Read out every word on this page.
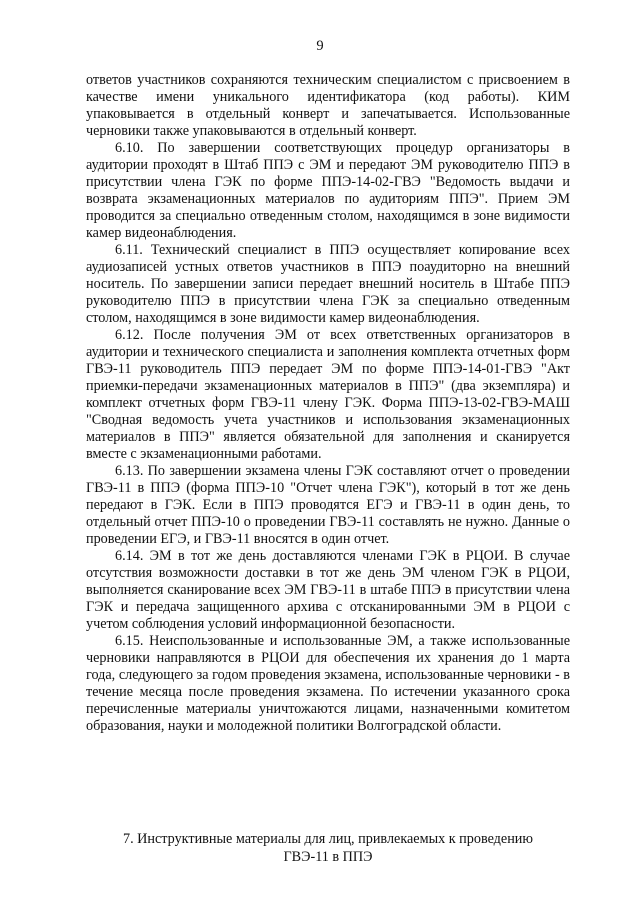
9

ответов участников сохраняются техническим специалистом с присвоением в качестве имени уникального идентификатора (код работы). КИМ упаковывается в отдельный конверт и запечатывается. Использованные черновики также упаковываются в отдельный конверт.

6.10. По завершении соответствующих процедур организаторы в аудитории проходят в Штаб ППЭ с ЭМ и передают ЭМ руководителю ППЭ в присутствии члена ГЭК по форме ППЭ-14-02-ГВЭ "Ведомость выдачи и возврата экзаменационных материалов по аудиториям ППЭ". Прием ЭМ проводится за специально отведенным столом, находящимся в зоне видимости камер видеонаблюдения.

6.11. Технический специалист в ППЭ осуществляет копирование всех аудиозаписей устных ответов участников в ППЭ поаудиторно на внешний носитель. По завершении записи передает внешний носитель в Штабе ППЭ руководителю ППЭ в присутствии члена ГЭК за специально отведенным столом, находящимся в зоне видимости камер видеонаблюдения.

6.12. После получения ЭМ от всех ответственных организаторов в аудитории и технического специалиста и заполнения комплекта отчетных форм ГВЭ-11 руководитель ППЭ передает ЭМ по форме ППЭ-14-01-ГВЭ "Акт приемки-передачи экзаменационных материалов в ППЭ" (два экземпляра) и комплект отчетных форм ГВЭ-11 члену ГЭК. Форма ППЭ-13-02-ГВЭ-МАШ "Сводная ведомость учета участников и использования экзаменационных материалов в ППЭ" является обязательной для заполнения и сканируется вместе с экзаменационными работами.

6.13. По завершении экзамена члены ГЭК составляют отчет о проведении ГВЭ-11 в ППЭ (форма ППЭ-10 "Отчет члена ГЭК"), который в тот же день передают в ГЭК. Если в ППЭ проводятся ЕГЭ и ГВЭ-11 в один день, то отдельный отчет ППЭ-10 о проведении ГВЭ-11 составлять не нужно. Данные о проведении ЕГЭ, и ГВЭ-11 вносятся в один отчет.

6.14. ЭМ в тот же день доставляются членами ГЭК в РЦОИ. В случае отсутствия возможности доставки в тот же день ЭМ членом ГЭК в РЦОИ, выполняется сканирование всех ЭМ ГВЭ-11 в штабе ППЭ в присутствии члена ГЭК и передача защищенного архива с отсканированными ЭМ в РЦОИ с учетом соблюдения условий информационной безопасности.

6.15. Неиспользованные и использованные ЭМ, а также использованные черновики направляются в РЦОИ для обеспечения их хранения до 1 марта года, следующего за годом проведения экзамена, использованные черновики - в течение месяца после проведения экзамена. По истечении указанного срока перечисленные материалы уничтожаются лицами, назначенными комитетом образования, науки и молодежной политики Волгоградской области.

7. Инструктивные материалы для лиц, привлекаемых к проведению
ГВЭ-11 в ППЭ
